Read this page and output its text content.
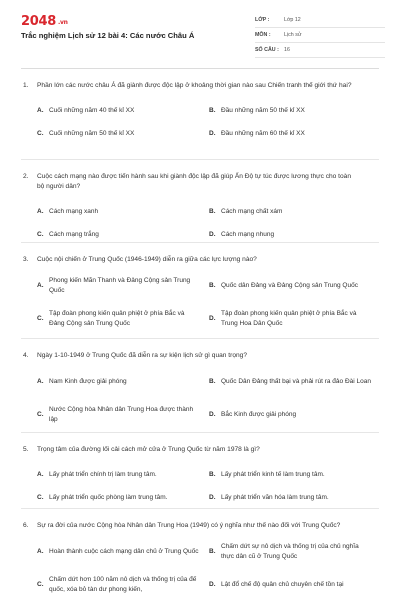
2048 .vn
Trắc nghiệm Lịch sử 12 bài 4: Các nước Châu Á
LỚP :	Lớp 12
MÔN :	Lịch sử
SỐ CÂU : 16
1.	Phần lớn các nước châu Á đã giành được độc lập ở khoảng thời gian nào sau Chiến tranh thế giới thứ hai?
A. Cuối những năm 40 thế kỉ XX	B. Đầu những năm 50 thế kỉ XX
C. Cuối những năm 50 thế kỉ XX	D. Đầu những năm 60 thế kỉ XX
2.	Cuộc cách mạng nào được tiến hành sau khi giành độc lập đã giúp Ấn Độ tự túc được lương thực cho toàn bộ người dân?
A. Cách mạng xanh	B. Cách mạng chất xám
C. Cách mạng trắng	D. Cách mạng nhung
3.	Cuộc nội chiến ở Trung Quốc (1946-1949) diễn ra giữa các lực lượng nào?
A.
Phong kiến Mãn Thanh và Đảng Cộng sản Trung Quốc
B. Quốc dân Đảng và Đảng Cộng sản Trung Quốc
C.
Tập đoàn phong kiến quân phiệt ở phía Bắc và Đảng Cộng sản Trung Quốc
D.
Tập đoàn phong kiến quân phiệt ở phía Bắc và Trung Hoa Dân Quốc
4.	Ngày 1-10-1949 ở Trung Quốc đã diễn ra sự kiện lịch sử gì quan trọng?
A. Nam Kinh được giải phóng	B. Quốc Dân Đảng thất bại và phải rút ra đảo Đài Loan
C.
Nước Cộng hòa Nhân dân Trung Hoa được thành lập
D. Bắc Kinh được giải phóng
5.	Trọng tâm của đường lối cải cách mở cửa ở Trung Quốc từ năm 1978 là gì?
A. Lấy phát triển chính trị làm trung tâm.	B. Lấy phát triển kinh tế làm trung tâm.
C. Lấy phát triển quốc phòng làm trung tâm.	D. Lấy phát triển văn hóa làm trung tâm.
6.	Sự ra đời của nước Cộng hòa Nhân dân Trung Hoa (1949) có ý nghĩa như thế nào đối với Trung Quốc?
A. Hoàn thành cuộc cách mạng dân chủ ở Trung Quốc	B.
Chấm dứt sự nô dịch và thống trị của chủ nghĩa thực dân cũ ở Trung Quốc
C.
Chấm dứt hơn 100 năm nô dịch và thống trị của đế quốc, xóa bỏ tàn dư phong kiến,
D. Lật đổ chế độ quân chủ chuyên chế tồn tại
